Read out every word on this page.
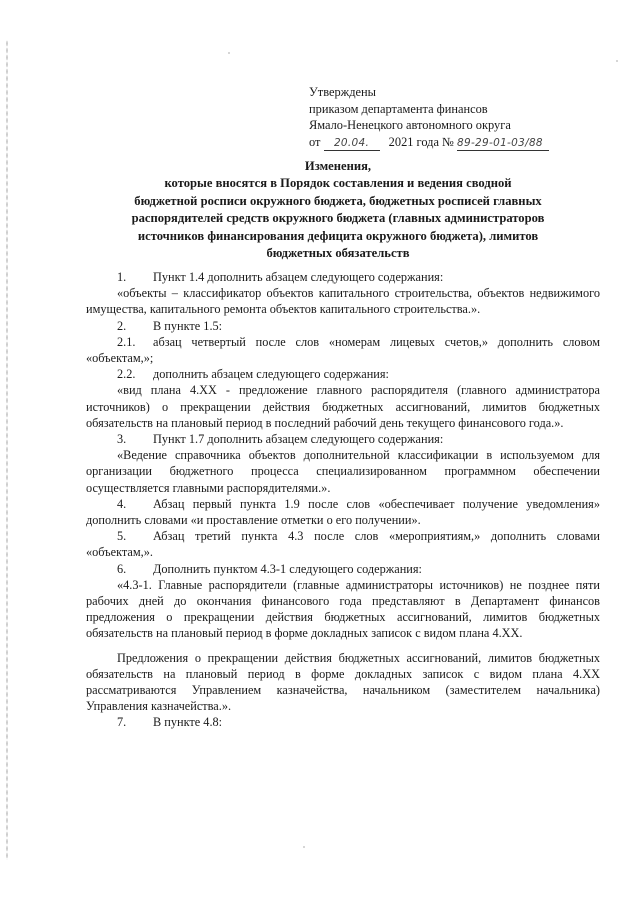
Утверждены
приказом департамента финансов
Ямало-Ненецкого автономного округа
от 20.04. 2021 года № 89-29-01-03/88
Изменения,
которые вносятся в Порядок составления и ведения сводной
бюджетной росписи окружного бюджета, бюджетных росписей главных
распорядителей средств окружного бюджета (главных администраторов
источников финансирования дефицита окружного бюджета), лимитов
бюджетных обязательств
1. Пункт 1.4 дополнить абзацем следующего содержания:
«объекты – классификатор объектов капитального строительства, объектов недвижимого имущества, капитального ремонта объектов капитального строительства.».
2. В пункте 1.5:
2.1. абзац четвертый после слов «номерам лицевых счетов,» дополнить словом «объектам,»;
2.2. дополнить абзацем следующего содержания:
«вид плана 4.ХХ - предложение главного распорядителя (главного администратора источников) о прекращении действия бюджетных ассигнований, лимитов бюджетных обязательств на плановый период в последний рабочий день текущего финансового года.».
3. Пункт 1.7 дополнить абзацем следующего содержания:
«Ведение справочника объектов дополнительной классификации в используемом для организации бюджетного процесса специализированном программном обеспечении осуществляется главными распорядителями.».
4. Абзац первый пункта 1.9 после слов «обеспечивает получение уведомления» дополнить словами «и проставление отметки о его получении».
5. Абзац третий пункта 4.3 после слов «мероприятиям,» дополнить словами «объектам,».
6. Дополнить пунктом 4.3-1 следующего содержания:
«4.3-1. Главные распорядители (главные администраторы источников) не позднее пяти рабочих дней до окончания финансового года представляют в Департамент финансов предложения о прекращении действия бюджетных ассигнований, лимитов бюджетных обязательств на плановый период в форме докладных записок с видом плана 4.ХХ.
Предложения о прекращении действия бюджетных ассигнований, лимитов бюджетных обязательств на плановый период в форме докладных записок с видом плана 4.ХХ рассматриваются Управлением казначейства, начальником (заместителем начальника) Управления казначейства.».
7. В пункте 4.8:
